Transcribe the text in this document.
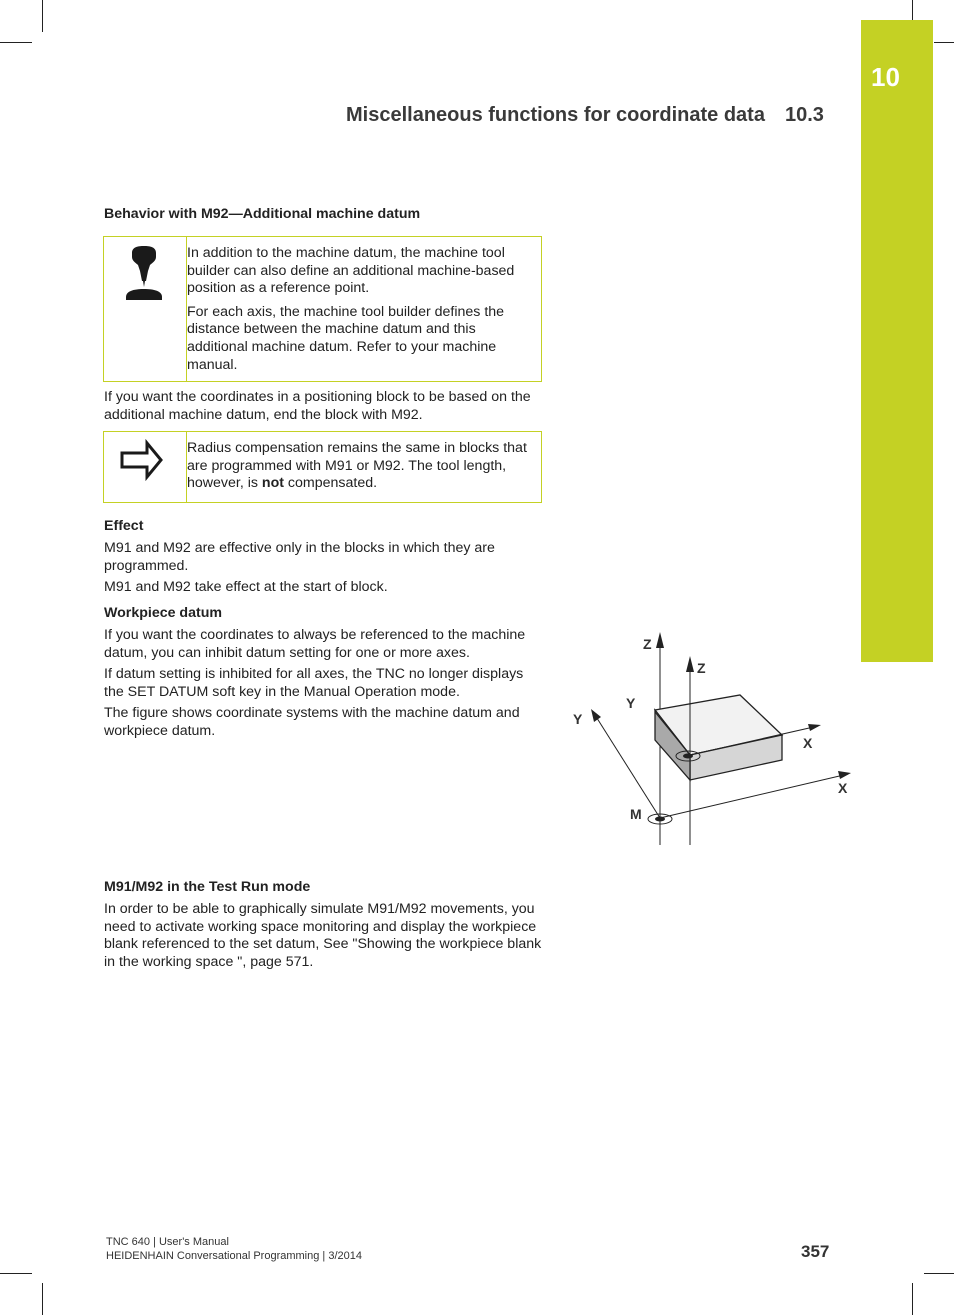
10
Miscellaneous functions for coordinate data 10.3
Behavior with M92—Additional machine datum

In addition to the machine datum, the machine tool builder can also define an additional machine-based position as a reference point.

For each axis, the machine tool builder defines the distance between the machine datum and this additional machine datum. Refer to your machine manual.

If you want the coordinates in a positioning block to be based on the additional machine datum, end the block with M92.

Radius compensation remains the same in blocks that are programmed with M91 or M92. The tool length, however, is not compensated.

Effect
M91 and M92 are effective only in the blocks in which they are programmed.
M91 and M92 take effect at the start of block.
Workpiece datum
If you want the coordinates to always be referenced to the machine datum, you can inhibit datum setting for one or more axes.
If datum setting is inhibited for all axes, the TNC no longer displays the SET DATUM soft key in the Manual Operation mode.
The figure shows coordinate systems with the machine datum and workpiece datum.
Z
Z
Y
Y
X
X
M
M91/M92 in the Test Run mode
In order to be able to graphically simulate M91/M92 movements, you need to activate working space monitoring and display the workpiece blank referenced to the set datum, See "Showing the workpiece blank in the working space ", page 571.
TNC 640 | User's Manual
HEIDENHAIN Conversational Programming | 3/2014	357
